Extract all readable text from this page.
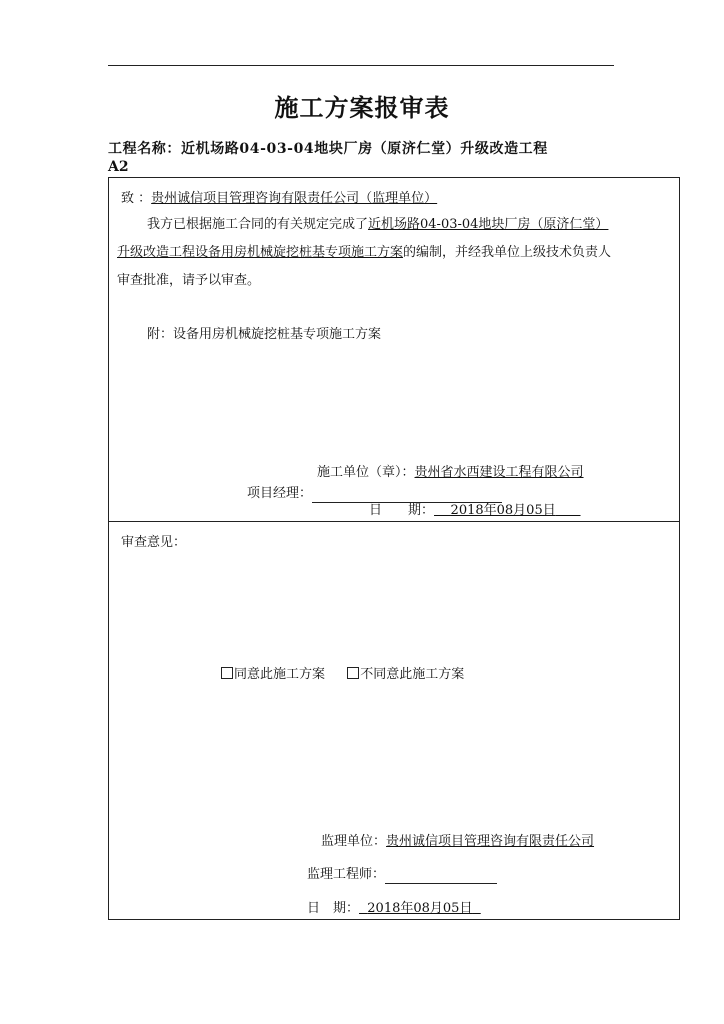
施工方案报审表
工程名称：近机场路04-03-04地块厂房（原济仁堂）升级改造工程
A2
致 ：贵州诚信项目管理咨询有限责任公司（监理单位）
我方已根据施工合同的有关规定完成了近机场路04-03-04地块厂房（原济仁堂）
升级改造工程设备用房机械旋挖桩基专项施工方案的编制，并经我单位上级技术负责人
审查批准，请予以审查。
附：设备用房机械旋挖桩基专项施工方案
施工单位（章）：贵州省水西建设工程有限公司
项目经理：
日　　期： 2018年08月05日
审查意见：
同意此施工方案	不同意此施工方案
监理单位：贵州诚信项目管理咨询有限责任公司
监理工程师：
日　期： 2018年08月05日
